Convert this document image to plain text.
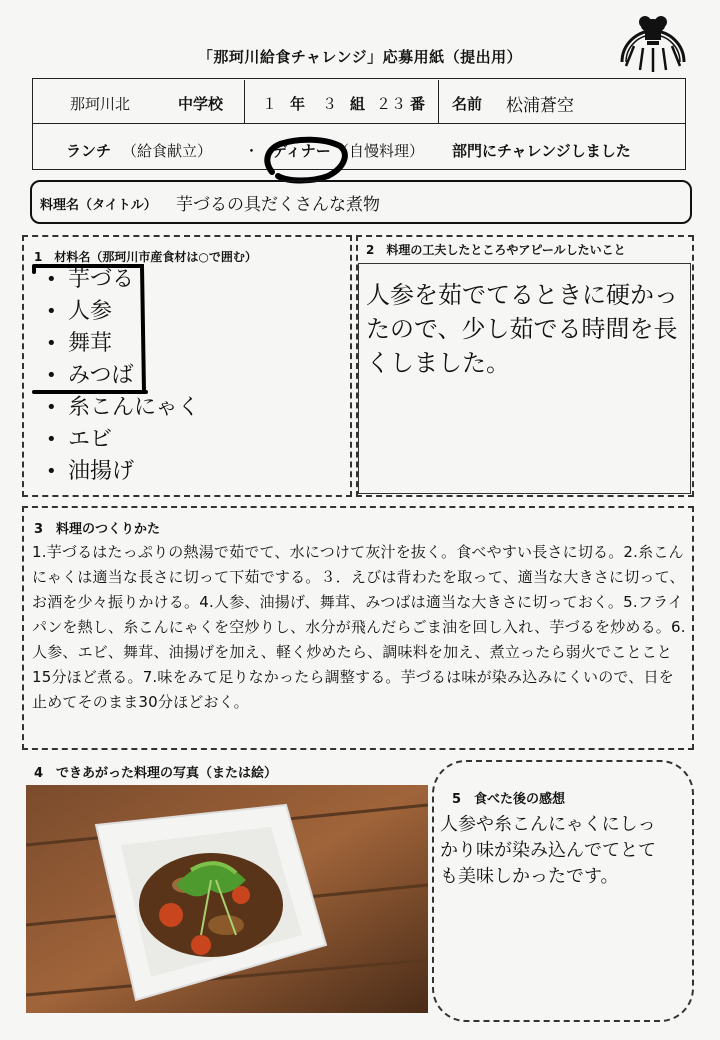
「那珂川給食チャレンジ」応募用紙（提出用）
那珂川北	中学校	１ 年 ３ 組 ２３ 番 名前 松浦蒼空
ランチ （給食献立） ・ ディナー （自慢料理） 部門にチャレンジしました
料理名（タイトル） 芋づるの具だくさんな煮物
1　材料名（那珂川市産食材は○で囲む）
• 芋づる
• 人参
• 舞茸
• みつば
• 糸こんにゃく
• エビ
• 油揚げ
2　料理の工夫したところやアピールしたいこと
人参を茹でてるときに硬かったので、少し茹でる時間を長くしました。
3　料理のつくりかた
1.芋づるはたっぷりの熱湯で茹でて、水につけて灰汁を抜く。食べやすい長さに切る。2.糸こんにゃくは適当な長さに切って下茹でする。３．えびは背わたを取って、適当な大きさに切って、お酒を少々振りかける。4.人参、油揚げ、舞茸、みつばは適当な大きさに切っておく。5.フライパンを熱し、糸こんにゃくを空炒りし、水分が飛んだらごま油を回し入れ、芋づるを炒める。6.人参、エビ、舞茸、油揚げを加え、軽く炒めたら、調味料を加え、煮立ったら弱火でことこと15分ほど煮る。7.味をみて足りなかったら調整する。芋づるは味が染み込みにくいので、日を止めてそのまま30分ほどおく。
4　できあがった料理の写真（または絵）
5　食べた後の感想
人参や糸こんにゃくにしっかり味が染み込んでてとても美味しかったです。
